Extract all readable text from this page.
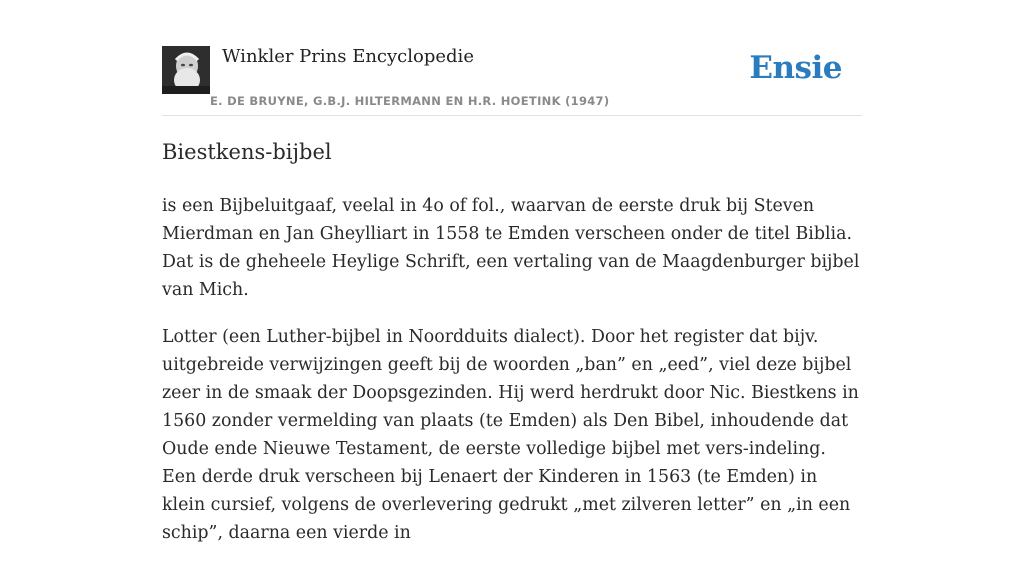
Winkler Prins Encyclopedie	Ensie
E. DE BRUYNE, G.B.J. HILTERMANN EN H.R. HOETINK (1947)
Biestkens-bijbel

is een Bijbeluitgaaf, veelal in 4o of fol., waarvan de eerste druk bij Steven Mierdman en Jan Gheylliart in 1558 te Emden verscheen onder de titel Biblia. Dat is de gheheele Heylige Schrift, een vertaling van de Maagdenburger bijbel van Mich.

Lotter (een Luther-bijbel in Noordduits dialect). Door het register dat bijv. uitgebreide verwijzingen geeft bij de woorden „ban” en „eed”, viel deze bijbel zeer in de smaak der Doopsgezinden. Hij werd herdrukt door Nic. Biestkens in 1560 zonder vermelding van plaats (te Emden) als Den Bibel, inhoudende dat Oude ende Nieuwe Testament, de eerste volledige bijbel met vers-indeling. Een derde druk verscheen bij Lenaert der Kinderen in 1563 (te Emden) in klein cursief, volgens de overlevering gedrukt „met zilveren letter” en „in een schip”, daarna een vierde in
